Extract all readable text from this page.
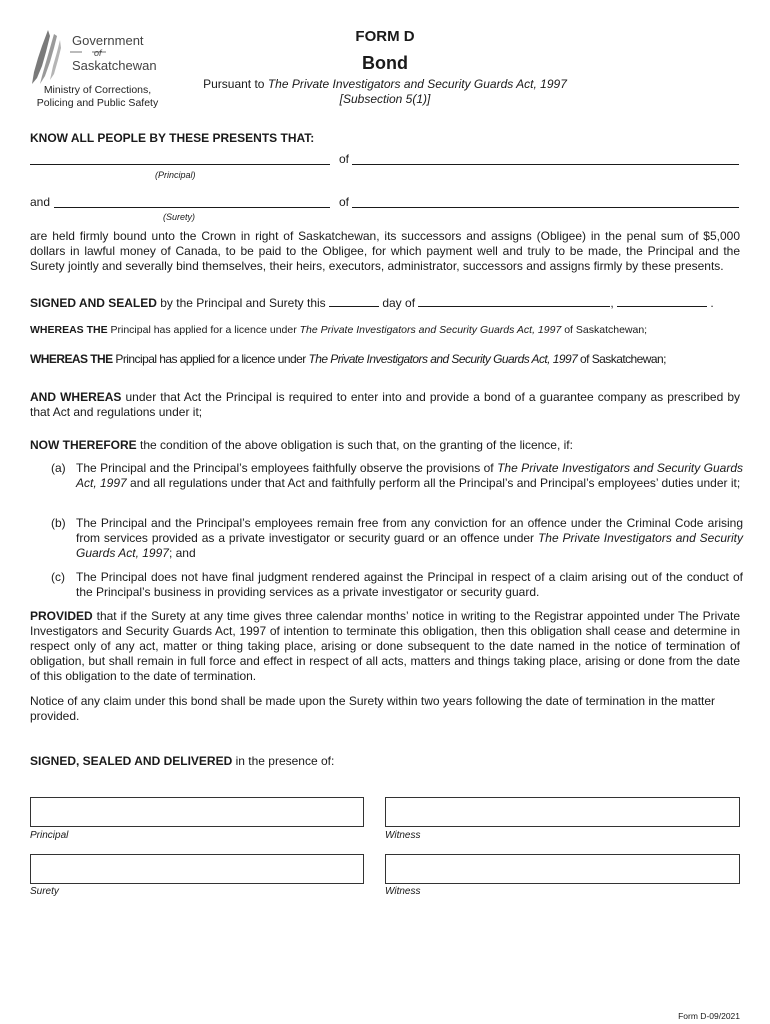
Government
of
Saskatchewan
Ministry of Corrections, Policing and Public Safety
FORM D
Bond
Pursuant to The Private Investigators and Security Guards Act, 1997
[Subsection 5(1)]
KNOW ALL PEOPLE BY THESE PRESENTS THAT:
of
(Principal)
and	of
(Surety)
are held firmly bound unto the Crown in right of Saskatchewan, its successors and assigns (Obligee) in the penal sum of $5,000 dollars in lawful money of Canada, to be paid to the Obligee, for which payment well and truly to be made, the Principal and the Surety jointly and severally bind themselves, their heirs, executors, administrator, successors and assigns firmly by these presents.
SIGNED AND SEALED by the Principal and Surety this	day of	,	.
WHEREAS THE Principal has applied for a licence under The Private Investigators and Security Guards Act, 1997 of Saskatchewan;
WHEREAS THE Principal has applied for a licence under The Private Investigators and Security Guards Act, 1997 of Saskatchewan;
AND WHEREAS under that Act the Principal is required to enter into and provide a bond of a guarantee company as prescribed by that Act and regulations under it;
NOW THEREFORE the condition of the above obligation is such that, on the granting of the licence, if:
(a) The Principal and the Principal’s employees faithfully observe the provisions of The Private Investigators and Security Guards Act, 1997 and all regulations under that Act and faithfully perform all the Principal’s and Principal’s employees’ duties under it;
(b) The Principal and the Principal’s employees remain free from any conviction for an offence under the Criminal Code arising from services provided as a private investigator or security guard or an offence under The Private Investigators and Security Guards Act, 1997; and
(c) The Principal does not have final judgment rendered against the Principal in respect of a claim arising out of the conduct of the Principal’s business in providing services as a private investigator or security guard.
PROVIDED that if the Surety at any time gives three calendar months’ notice in writing to the Registrar appointed under The Private Investigators and Security Guards Act, 1997 of intention to terminate this obligation, then this obligation shall cease and determine in respect only of any act, matter or thing taking place, arising or done subsequent to the date named in the notice of termination of obligation, but shall remain in full force and effect in respect of all acts, matters and things taking place, arising or done from the date of this obligation to the date of termination.
Notice of any claim under this bond shall be made upon the Surety within two years following the date of termination in the matter provided.
SIGNED, SEALED AND DELIVERED in the presence of:
Principal	Witness
Surety	Witness
Form D-09/2021
